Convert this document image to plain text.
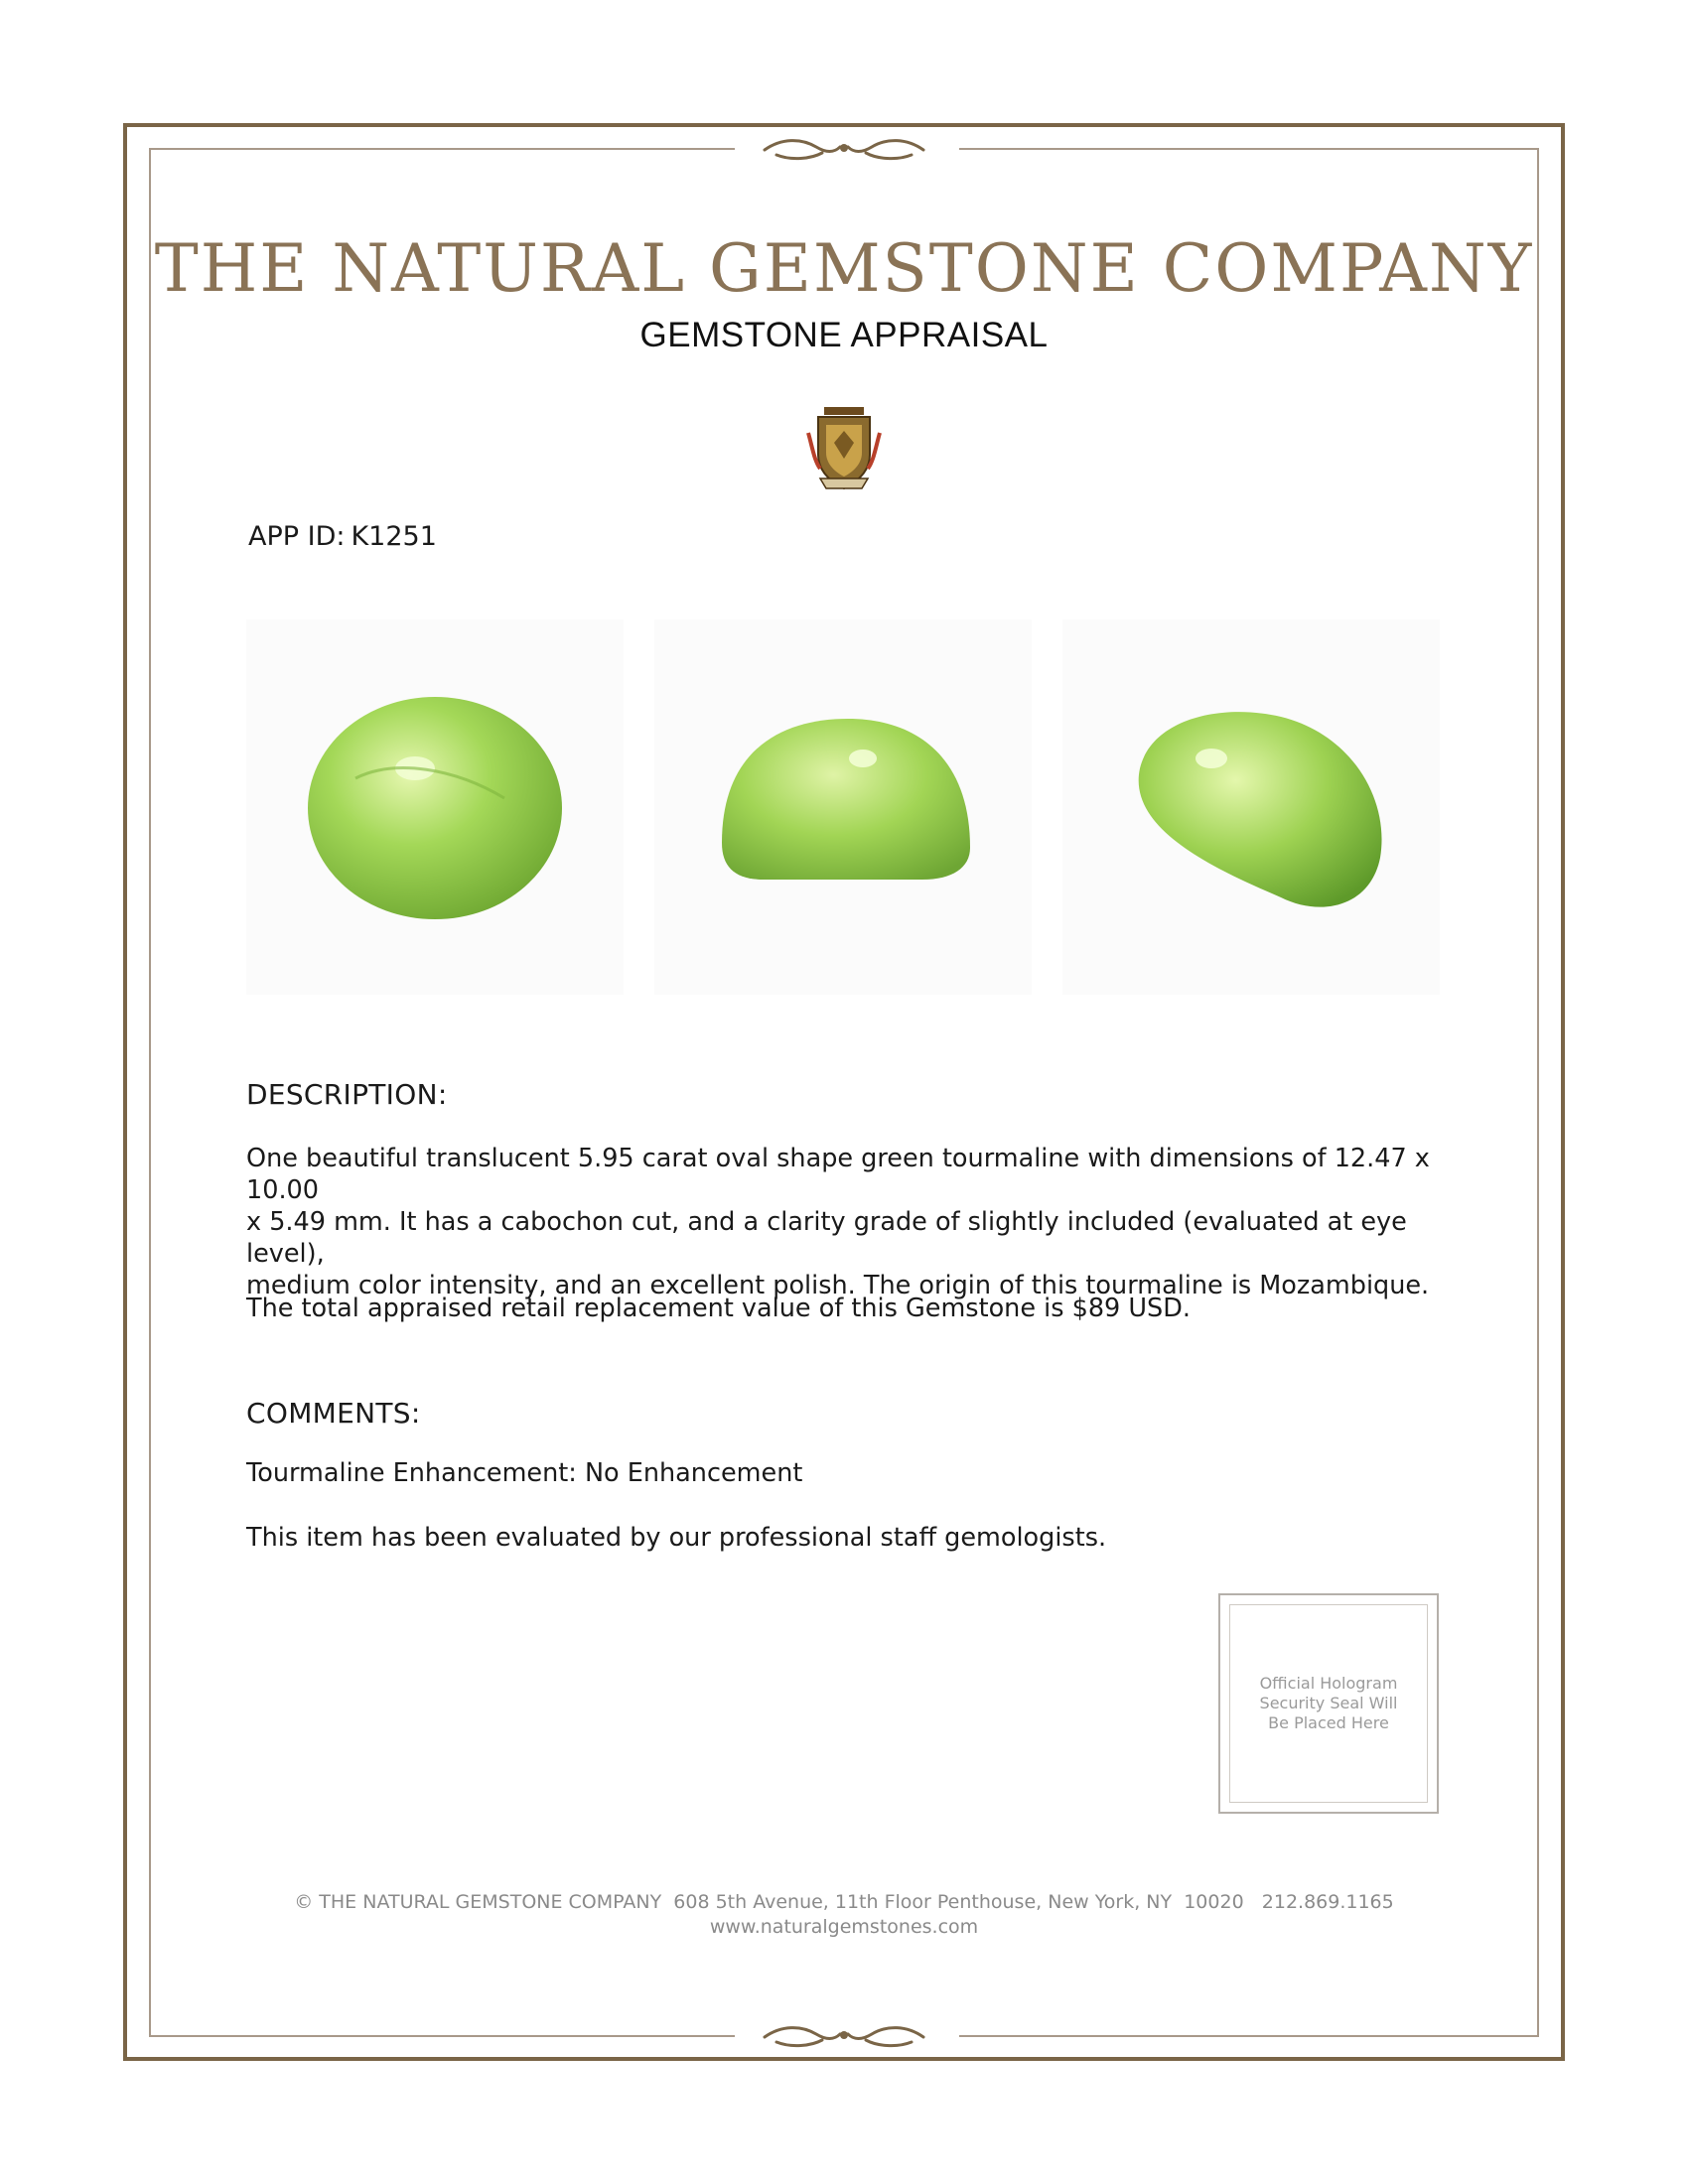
THE NATURAL GEMSTONE COMPANY
GEMSTONE APPRAISAL
APP ID: K1251
DESCRIPTION:
One beautiful translucent 5.95 carat oval shape green tourmaline with dimensions of 12.47 x 10.00
x 5.49 mm. It has a cabochon cut, and a clarity grade of slightly included (evaluated at eye level),
medium color intensity, and an excellent polish. The origin of this tourmaline is Mozambique.
The total appraised retail replacement value of this Gemstone is $89 USD.
COMMENTS:
Tourmaline Enhancement: No Enhancement
This item has been evaluated by our professional staff gemologists.
Official Hologram
Security Seal Will
Be Placed Here
© THE NATURAL GEMSTONE COMPANY  608 5th Avenue, 11th Floor Penthouse, New York, NY  10020   212.869.1165
www.naturalgemstones.com
